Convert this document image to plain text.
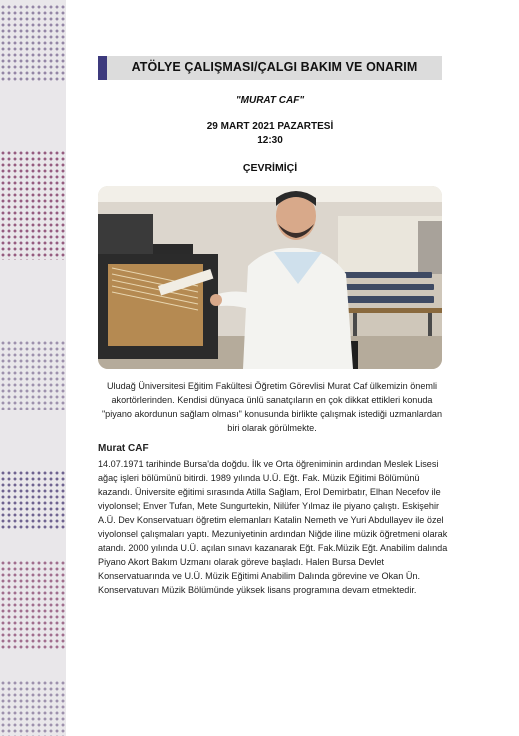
ATÖLYE ÇALIŞMASI/ÇALGI BAKIM VE ONARIM
"MURAT CAF"
29 MART 2021 PAZARTESİ
12:30
ÇEVRİMİÇİ
Uludağ Üniversitesi Eğitim Fakültesi Öğretim Görevlisi Murat Caf ülkemizin önemli akortörlerinden. Kendisi dünyaca ünlü sanatçıların en çok dikkat ettikleri konuda "piyano akordunun sağlam olması" konusunda birlikte çalışmak istediği uzmanlardan biri olarak görülmekte.
Murat CAF
14.07.1971 tarihinde Bursa'da doğdu. İlk ve Orta öğreniminin ardından Meslek Lisesi ağaç işleri bölümünü bitirdi. 1989 yılında U.Ü. Eğt. Fak. Müzik Eğitimi Bölümünü kazandı. Üniversite eğitimi sırasında Atilla Sağlam, Erol Demirbatır, Elhan Necefov ile viyolonsel; Enver Tufan, Mete Sungurtekin, Nilüfer Yılmaz ile piyano çalıştı. Eskişehir A.Ü. Dev Konservatuarı öğretim elemanları Katalin Nemeth ve Yuri Abdullayev ile özel viyolonsel çalışmaları yaptı. Mezuniyetinin ardından Niğde iline müzik öğretmeni olarak atandı. 2000 yılında U.Ü. açılan sınavı kazanarak Eğt. Fak.Müzik Eğt. Anabilim dalında Piyano Akort Bakım Uzmanı olarak göreve başladı. Halen Bursa Devlet Konservatuarında ve U.Ü. Müzik Eğitimi Anabilim Dalında görevine ve Okan Ün. Konservatuvarı Müzik Bölümünde yüksek lisans programına devam etmektedir.
